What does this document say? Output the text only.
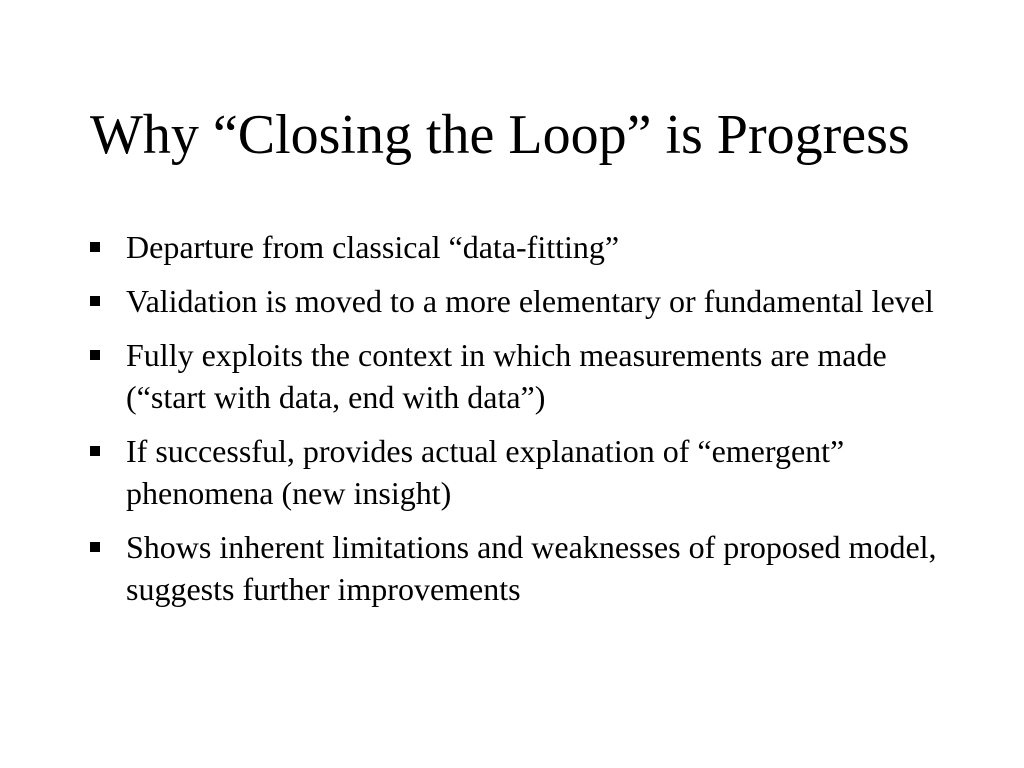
Why “Closing the Loop” is Progress
Departure from classical “data-fitting”
Validation is moved to a more elementary or fundamental level
Fully exploits the context in which measurements are made (“start with data, end with data”)
If successful, provides actual explanation of “emergent” phenomena (new insight)
Shows inherent limitations and weaknesses of proposed model, suggests further improvements
